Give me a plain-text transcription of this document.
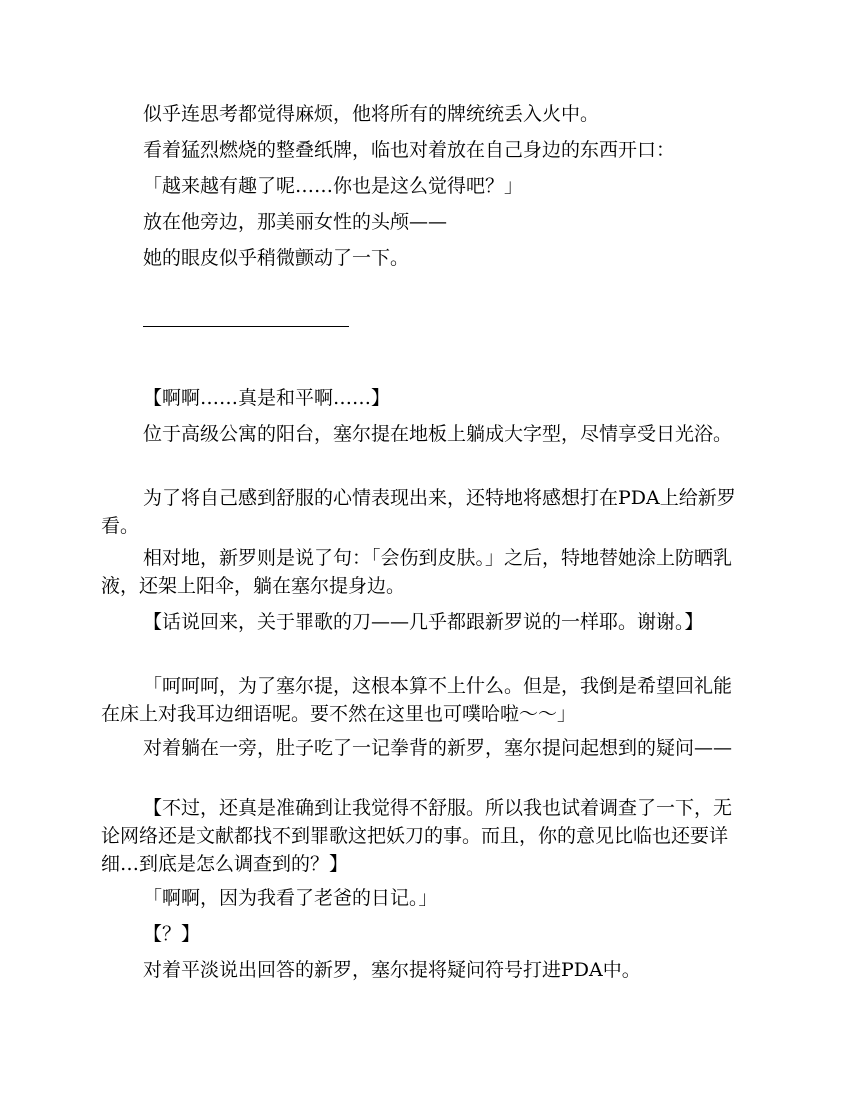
似乎连思考都觉得麻烦，他将所有的牌统统丢入火中。

看着猛烈燃烧的整叠纸牌，临也对着放在自己身边的东西开口：

「越来越有趣了呢……你也是这么觉得吧？」

放在他旁边，那美丽女性的头颅——

她的眼皮似乎稍微颤动了一下。

【啊啊……真是和平啊……】

位于高级公寓的阳台，塞尔提在地板上躺成大字型，尽情享受日光浴。

为了将自己感到舒服的心情表现出来，还特地将感想打在PDA上给新罗看。

相对地，新罗则是说了句：「会伤到皮肤。」之后，特地替她涂上防晒乳液，还架上阳伞，躺在塞尔提身边。

【话说回来，关于罪歌的刀——几乎都跟新罗说的一样耶。谢谢。】

「呵呵呵，为了塞尔提，这根本算不上什么。但是，我倒是希望回礼能在床上对我耳边细语呢。要不然在这里也可噗哈啦～～」

对着躺在一旁，肚子吃了一记拳背的新罗，塞尔提问起想到的疑问——

【不过，还真是准确到让我觉得不舒服。所以我也试着调查了一下，无论网络还是文献都找不到罪歌这把妖刀的事。而且，你的意见比临也还要详细…到底是怎么调查到的？】

「啊啊，因为我看了老爸的日记。」

【？】

对着平淡说出回答的新罗，塞尔提将疑问符号打进PDA中。
